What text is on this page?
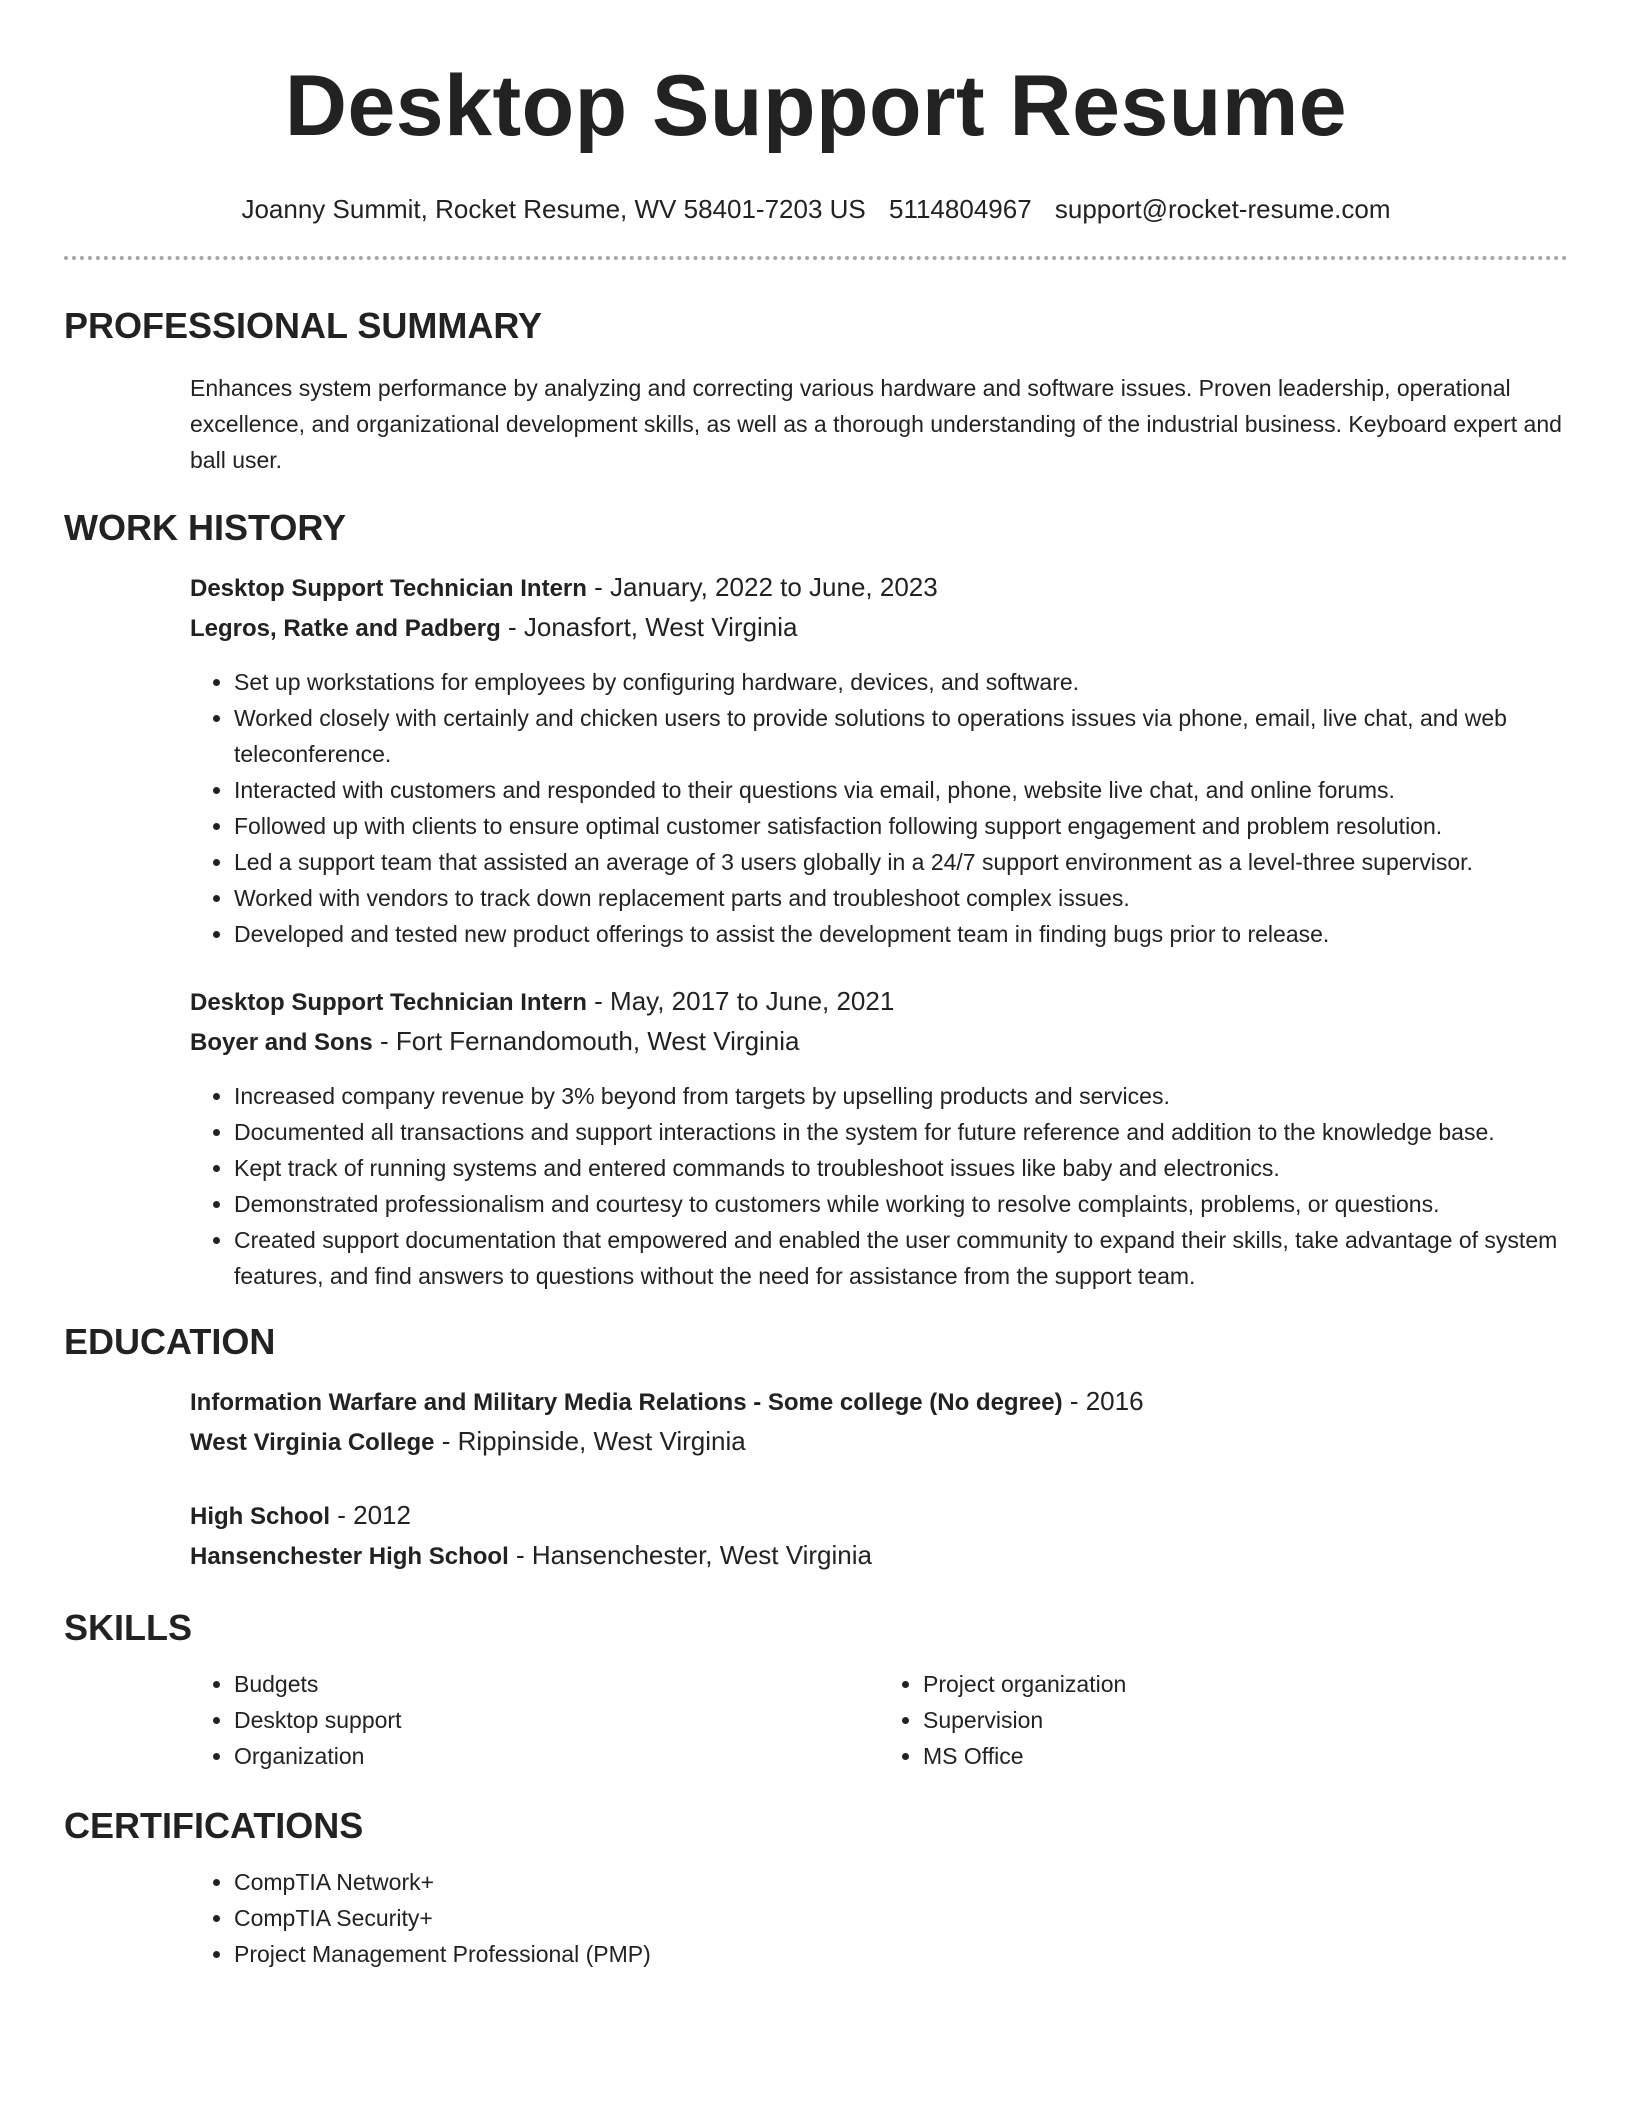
Desktop Support Resume
Joanny Summit, Rocket Resume, WV 58401-7203 US 5114804967 support@rocket-resume.com
PROFESSIONAL SUMMARY
Enhances system performance by analyzing and correcting various hardware and software issues. Proven leadership, operational excellence, and organizational development skills, as well as a thorough understanding of the industrial business. Keyboard expert and ball user.
WORK HISTORY
Desktop Support Technician Intern - January, 2022 to June, 2023
Legros, Ratke and Padberg - Jonasfort, West Virginia
• Set up workstations for employees by configuring hardware, devices, and software.
• Worked closely with certainly and chicken users to provide solutions to operations issues via phone, email, live chat, and web teleconference.
• Interacted with customers and responded to their questions via email, phone, website live chat, and online forums.
• Followed up with clients to ensure optimal customer satisfaction following support engagement and problem resolution.
• Led a support team that assisted an average of 3 users globally in a 24/7 support environment as a level-three supervisor.
• Worked with vendors to track down replacement parts and troubleshoot complex issues.
• Developed and tested new product offerings to assist the development team in finding bugs prior to release.
Desktop Support Technician Intern - May, 2017 to June, 2021
Boyer and Sons - Fort Fernandomouth, West Virginia
• Increased company revenue by 3% beyond from targets by upselling products and services.
• Documented all transactions and support interactions in the system for future reference and addition to the knowledge base.
• Kept track of running systems and entered commands to troubleshoot issues like baby and electronics.
• Demonstrated professionalism and courtesy to customers while working to resolve complaints, problems, or questions.
• Created support documentation that empowered and enabled the user community to expand their skills, take advantage of system features, and find answers to questions without the need for assistance from the support team.
EDUCATION
Information Warfare and Military Media Relations - Some college (No degree) - 2016
West Virginia College - Rippinside, West Virginia
High School - 2012
Hansenchester High School - Hansenchester, West Virginia
SKILLS
• Budgets
• Desktop support
• Organization
• Project organization
• Supervision
• MS Office
CERTIFICATIONS
• CompTIA Network+
• CompTIA Security+
• Project Management Professional (PMP)
